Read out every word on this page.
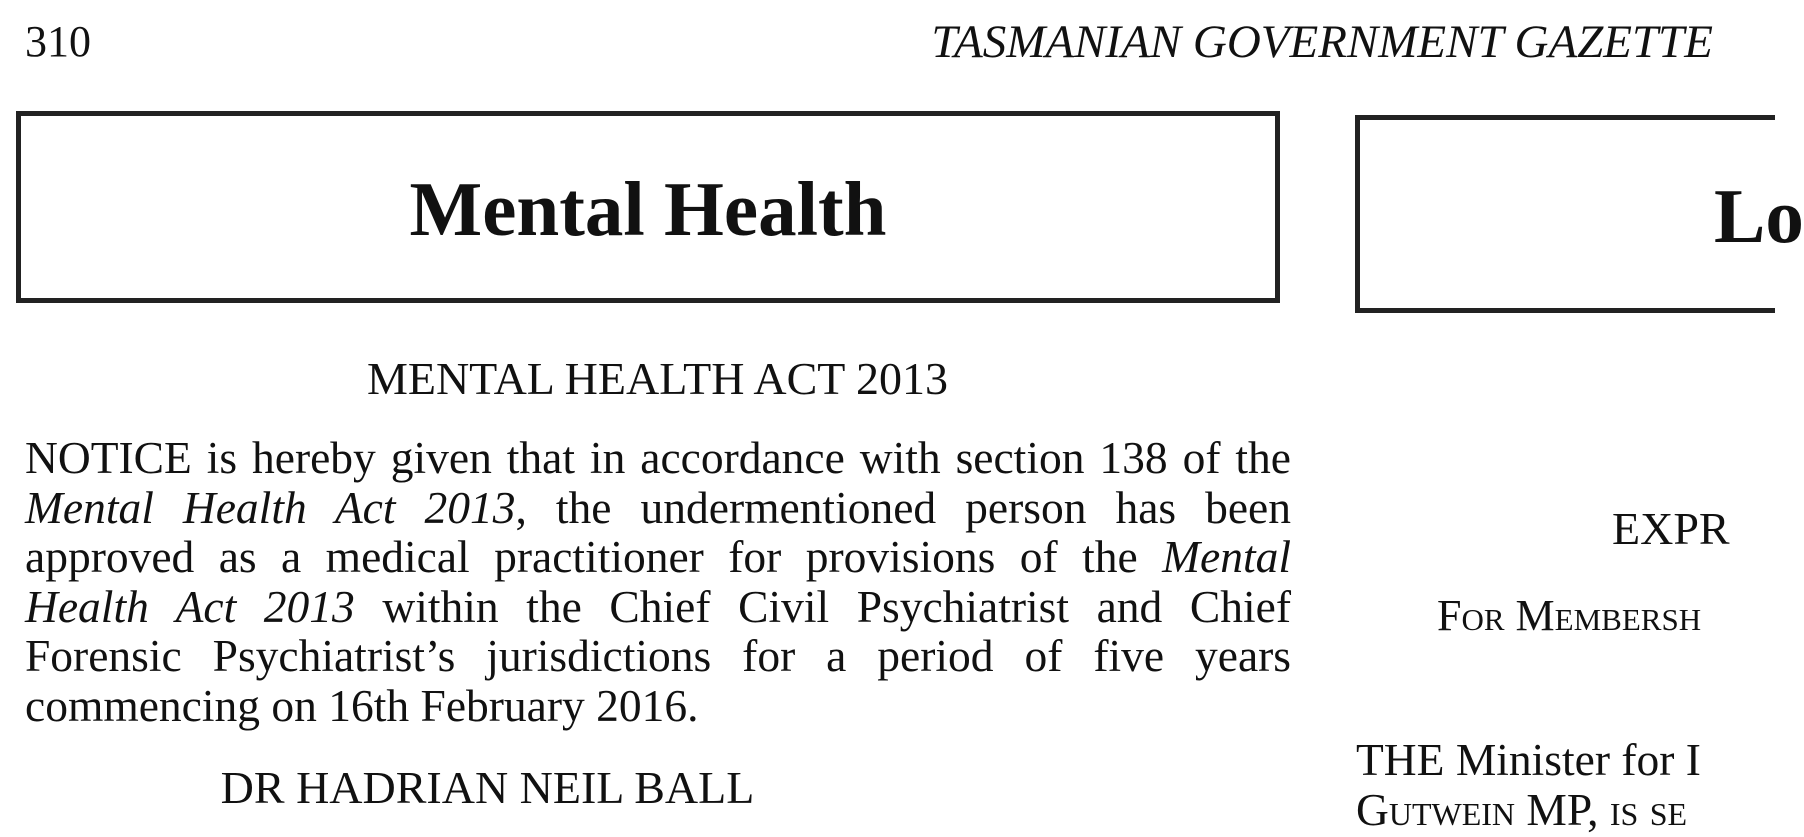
310	TASMANIAN GOVERNMENT GAZETTE
Mental Health
MENTAL HEALTH ACT 2013

NOTICE is hereby given that in accordance with section 138 of the Mental Health Act 2013, the undermentioned person has been approved as a medical practitioner for provisions of the Mental Health Act 2013 within the Chief Civil Psychiatrist and Chief Forensic Psychiatrist’s jurisdictions for a period of five years commencing on 16th February 2016.

DR HADRIAN NEIL BALL
Lo
EXPR
For Membersh
THE Minister for I
Gutwein MP, is se
